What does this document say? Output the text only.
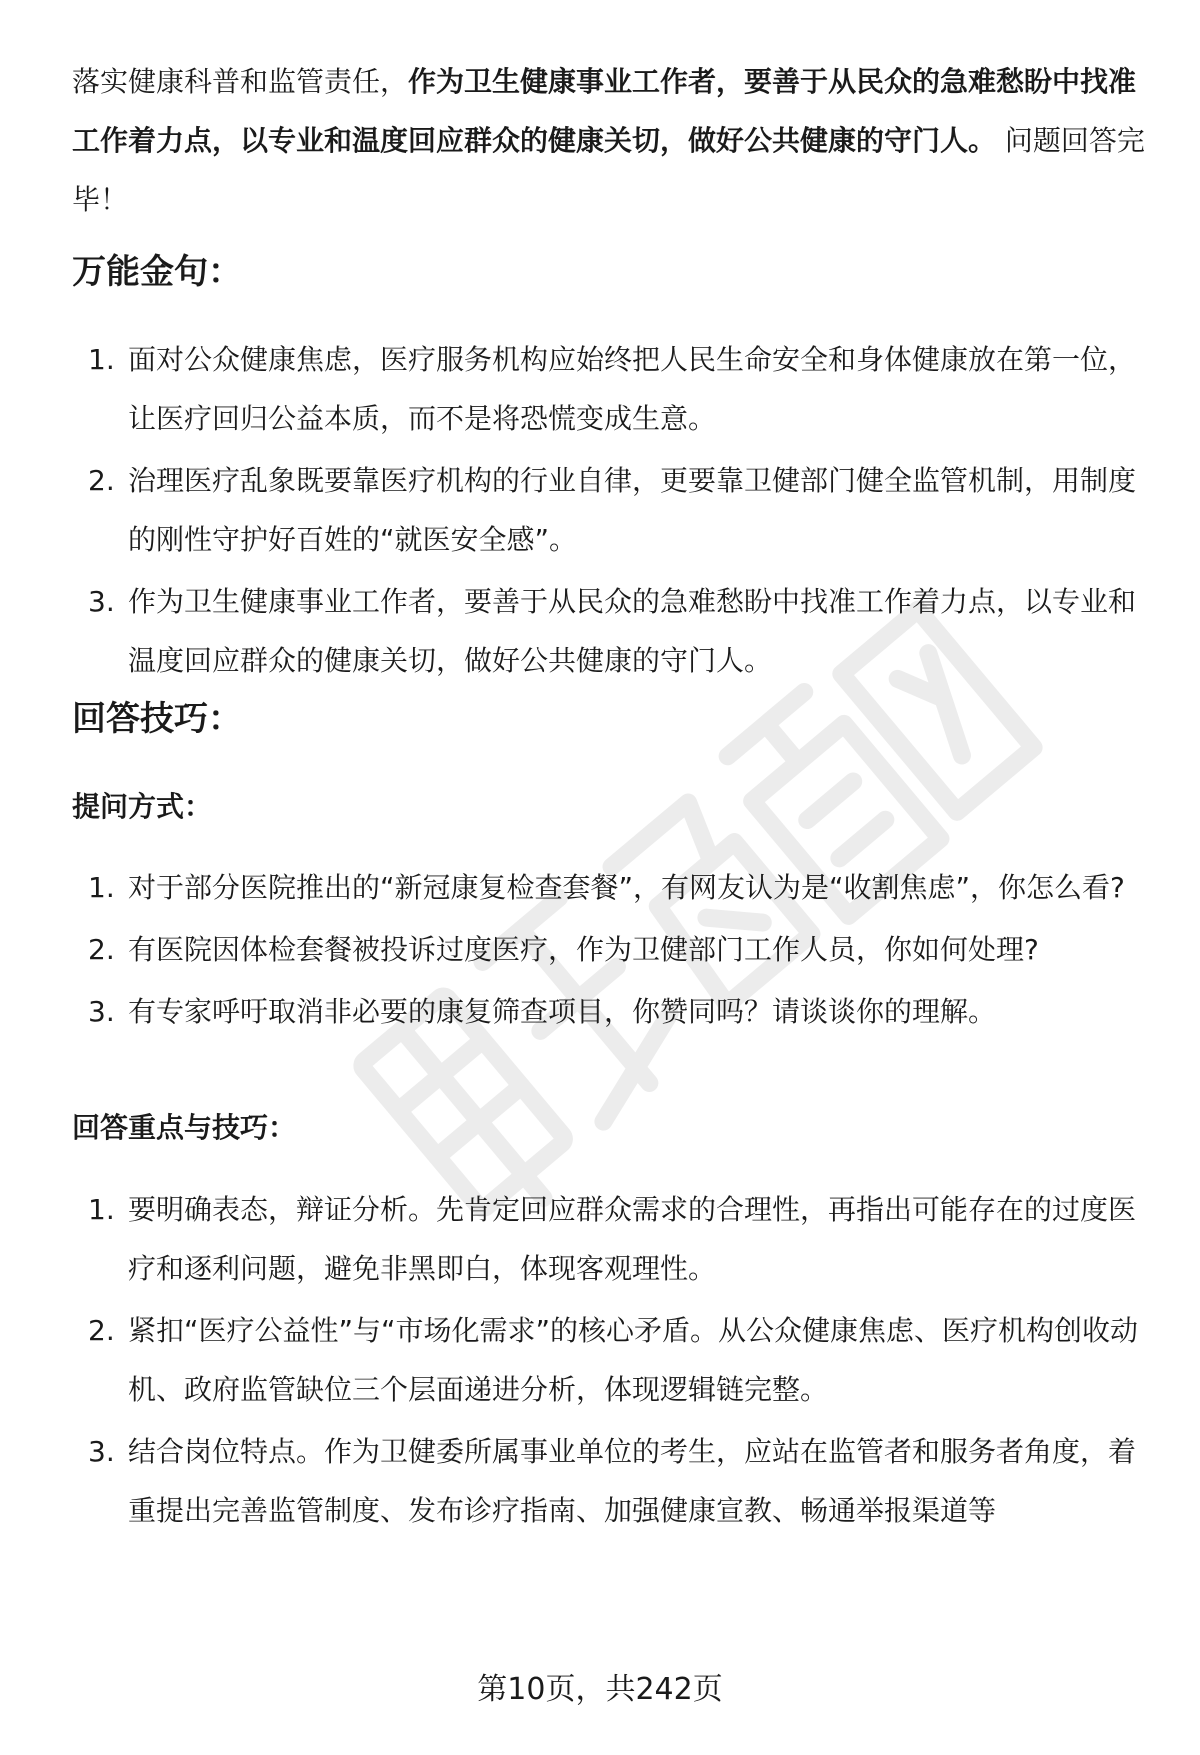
落实健康科普和监管责任，作为卫生健康事业工作者，要善于从民众的急难愁盼中找准工作着力点，以专业和温度回应群众的健康关切，做好公共健康的守门人。 问题回答完毕！

万能金句：
1. 面对公众健康焦虑，医疗服务机构应始终把人民生命安全和身体健康放在第一位，让医疗回归公益本质，而不是将恐慌变成生意。
2. 治理医疗乱象既要靠医疗机构的行业自律，更要靠卫健部门健全监管机制，用制度的刚性守护好百姓的“就医安全感”。
3. 作为卫生健康事业工作者，要善于从民众的急难愁盼中找准工作着力点，以专业和温度回应群众的健康关切，做好公共健康的守门人。
回答技巧：
提问方式：
1. 对于部分医院推出的“新冠康复检查套餐”，有网友认为是“收割焦虑”，你怎么看?
2. 有医院因体检套餐被投诉过度医疗，作为卫健部门工作人员，你如何处理?
3. 有专家呼吁取消非必要的康复筛查项目，你赞同吗？请谈谈你的理解。
回答重点与技巧：
1. 要明确表态，辩证分析。先肯定回应群众需求的合理性，再指出可能存在的过度医疗和逐利问题，避免非黑即白，体现客观理性。
2. 紧扣“医疗公益性”与“市场化需求”的核心矛盾。从公众健康焦虑、医疗机构创收动机、政府监管缺位三个层面递进分析，体现逻辑链完整。
3. 结合岗位特点。作为卫健委所属事业单位的考生，应站在监管者和服务者角度，着重提出完善监管制度、发布诊疗指南、加强健康宣教、畅通举报渠道等
第10页，共242页
